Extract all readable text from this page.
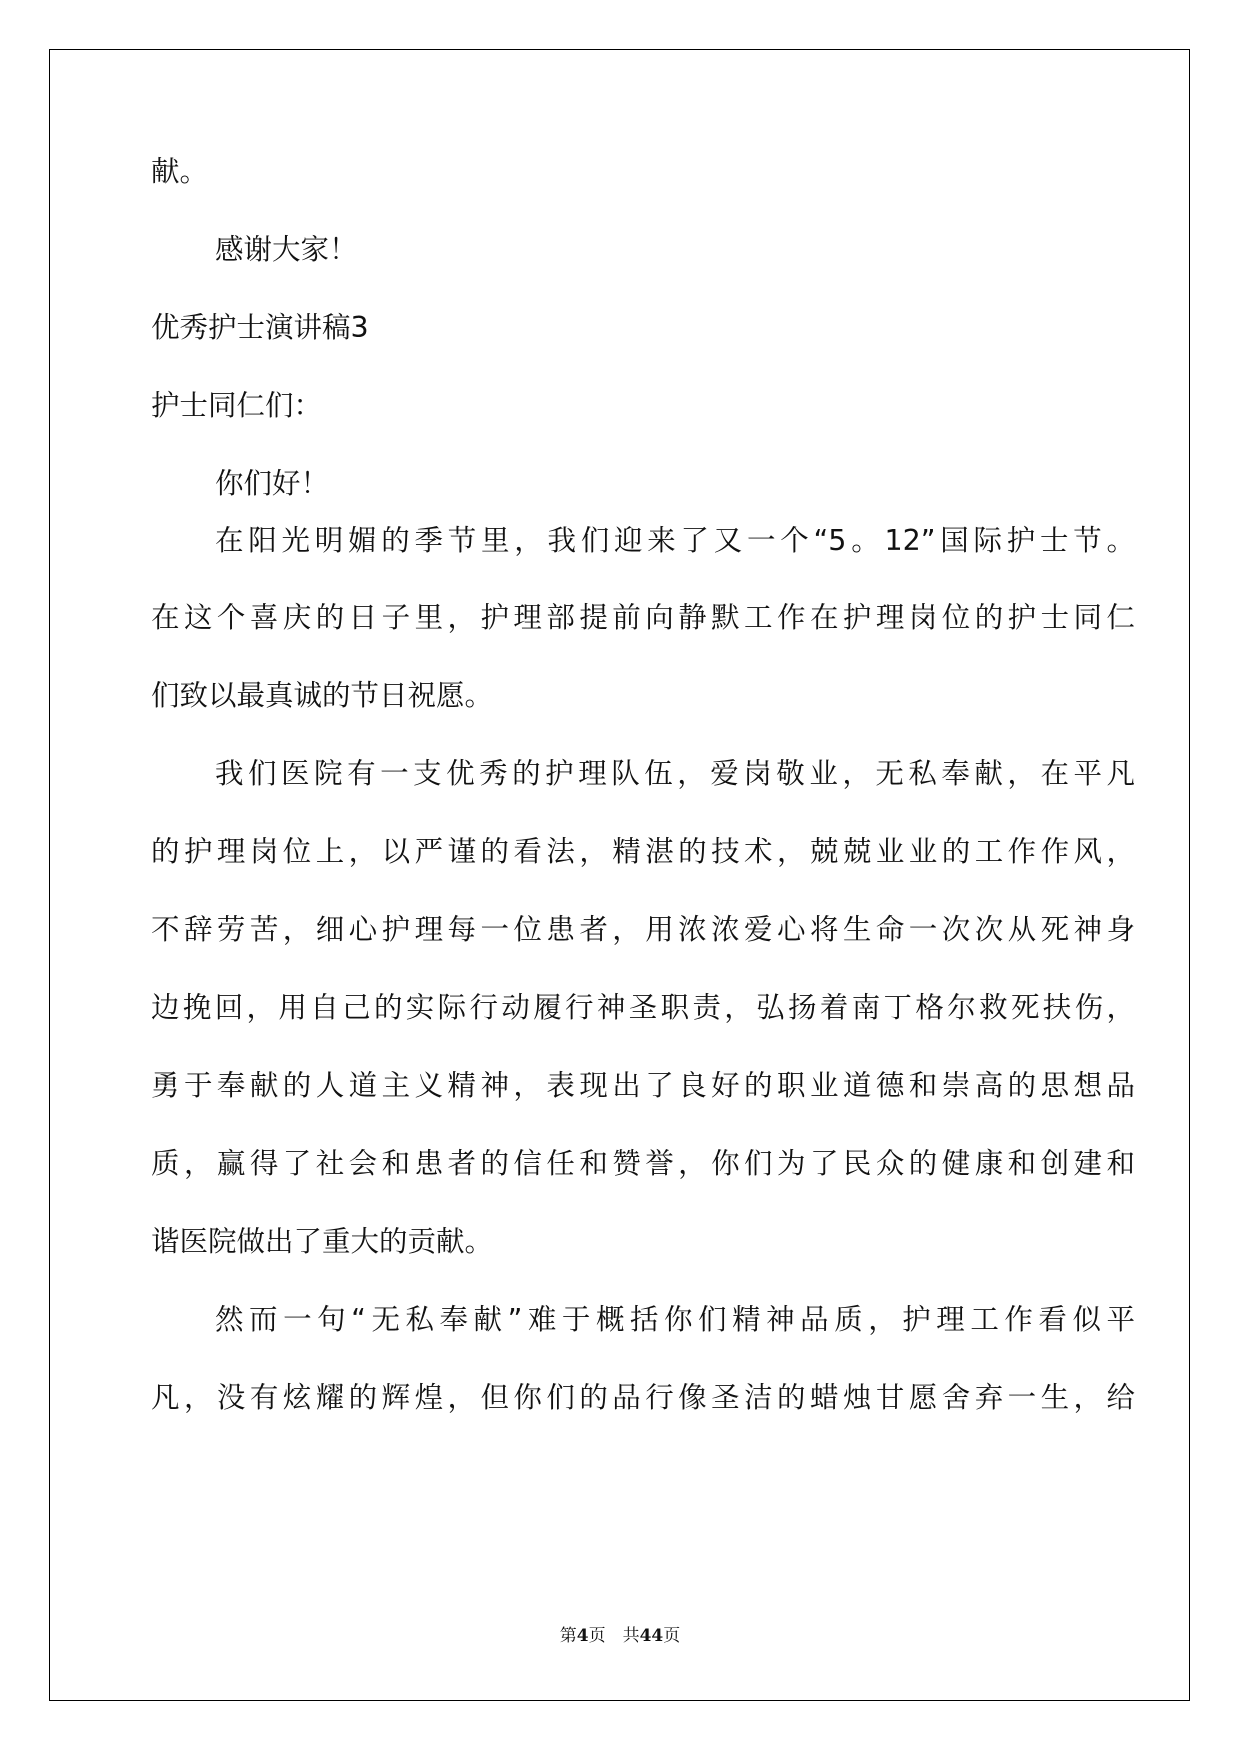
献。
感谢大家！
优秀护士演讲稿3
护士同仁们：
你们好！
在阳光明媚的季节里，我们迎来了又一个“5。12”国际护士节。
在这个喜庆的日子里，护理部提前向静默工作在护理岗位的护士同仁
们致以最真诚的节日祝愿。
我们医院有一支优秀的护理队伍，爱岗敬业，无私奉献，在平凡
的护理岗位上，以严谨的看法，精湛的技术，兢兢业业的工作作风，
不辞劳苦，细心护理每一位患者，用浓浓爱心将生命一次次从死神身
边挽回，用自己的实际行动履行神圣职责，弘扬着南丁格尔救死扶伤，
勇于奉献的人道主义精神，表现出了良好的职业道德和崇高的思想品
质，赢得了社会和患者的信任和赞誉，你们为了民众的健康和创建和
谐医院做出了重大的贡献。
然而一句“无私奉献”难于概括你们精神品质，护理工作看似平
凡，没有炫耀的辉煌，但你们的品行像圣洁的蜡烛甘愿舍弃一生，给
第4页　共44页
